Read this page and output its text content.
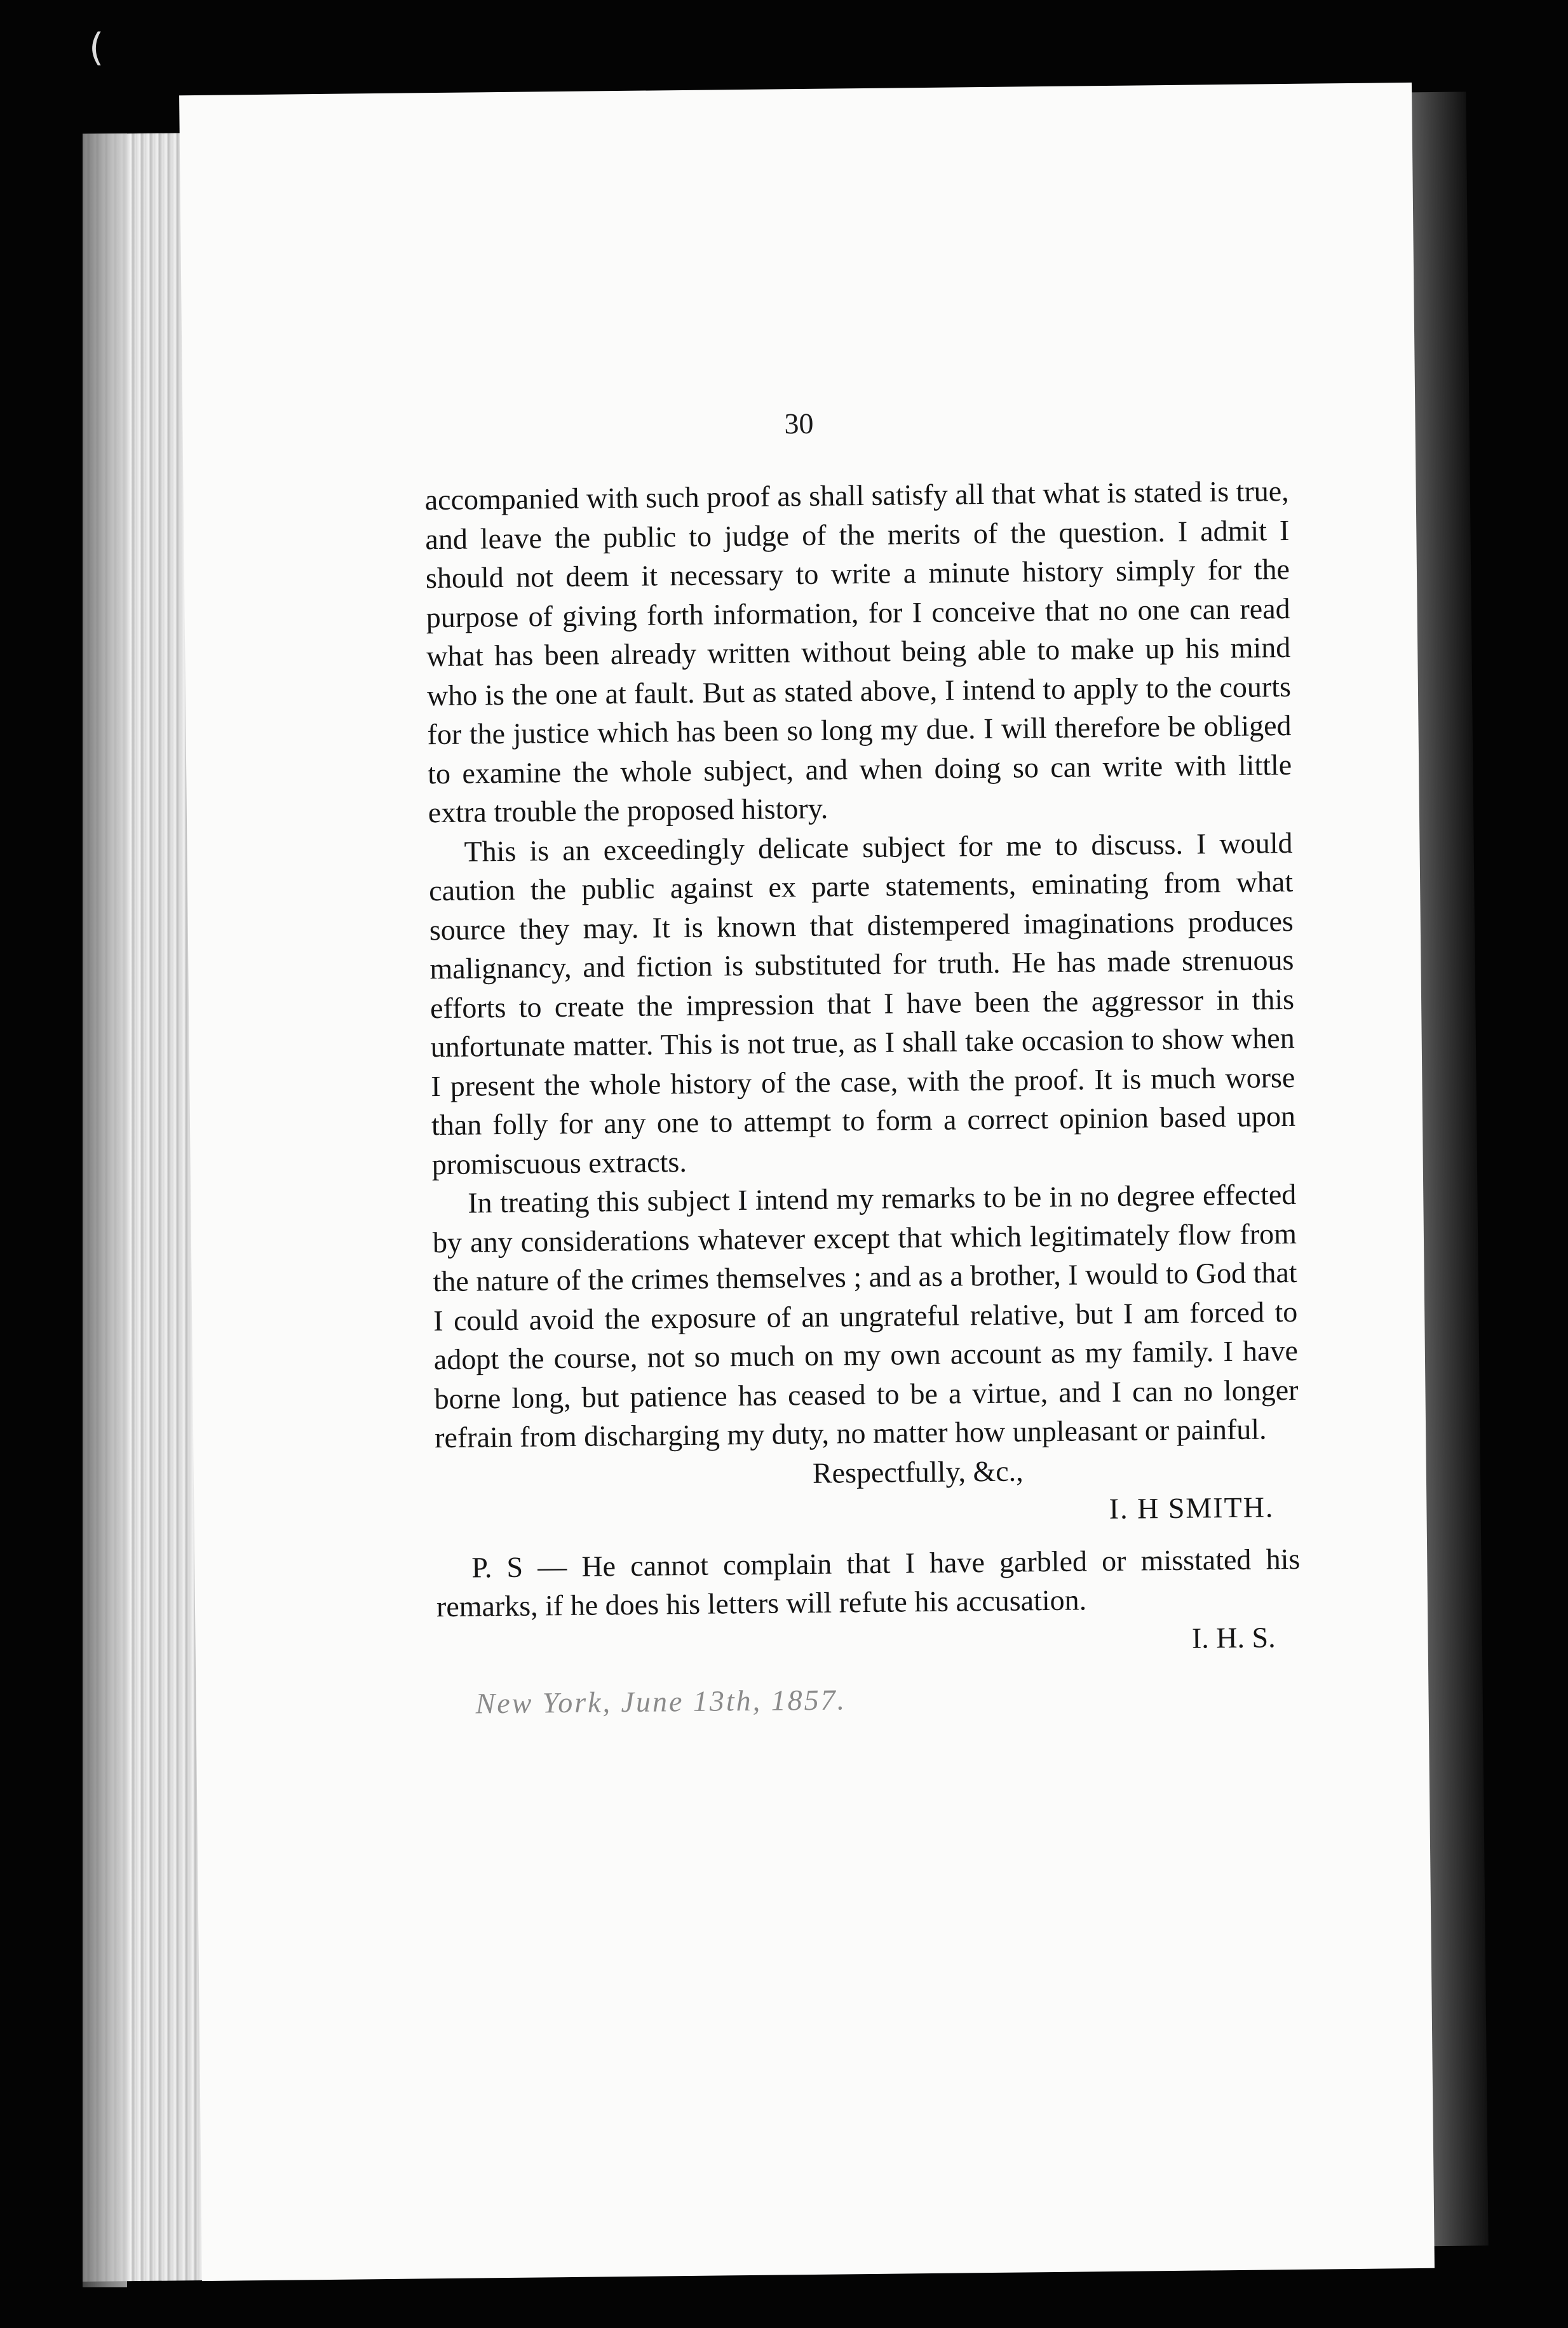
(
30

accompanied with such proof as shall satisfy all that what is stated is true, and leave the public to judge of the merits of the question. I admit I should not deem it necessary to write a minute history simply for the purpose of giving forth information, for I conceive that no one can read what has been already written without being able to make up his mind who is the one at fault. But as stated above, I intend to apply to the courts for the justice which has been so long my due. I will therefore be obliged to examine the whole subject, and when doing so can write with little extra trouble the proposed history.

This is an exceedingly delicate subject for me to discuss. I would caution the public against ex parte statements, eminating from what source they may. It is known that distempered imaginations produces malignancy, and fiction is substituted for truth. He has made strenuous efforts to create the impression that I have been the aggressor in this unfortunate matter. This is not true, as I shall take occasion to show when I present the whole history of the case, with the proof. It is much worse than folly for any one to attempt to form a correct opinion based upon promiscuous extracts.

In treating this subject I intend my remarks to be in no degree effected by any considerations whatever except that which legitimately flow from the nature of the crimes themselves ; and as a brother, I would to God that I could avoid the exposure of an ungrateful relative, but I am forced to adopt the course, not so much on my own account as my family. I have borne long, but patience has ceased to be a virtue, and I can no longer refrain from discharging my duty, no matter how unpleasant or painful.

Respectfully, &c.,

I. H SMITH.

P. S — He cannot complain that I have garbled or misstated his remarks, if he does his letters will refute his accusation.

I. H. S.

New York, June 13th, 1857.
